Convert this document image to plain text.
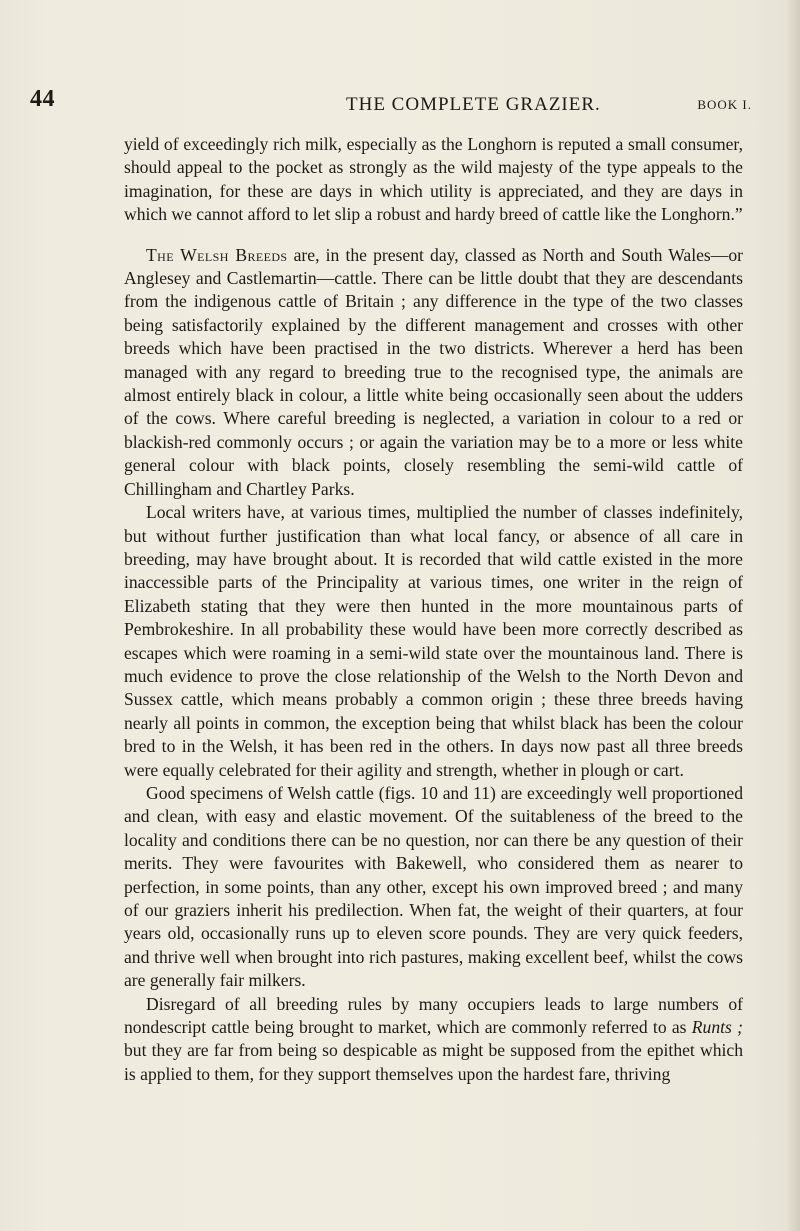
44	THE COMPLETE GRAZIER.	BOOK I.

yield of exceedingly rich milk, especially as the Longhorn is reputed a small consumer, should appeal to the pocket as strongly as the wild majesty of the type appeals to the imagination, for these are days in which utility is appreciated, and they are days in which we cannot afford to let slip a robust and hardy breed of cattle like the Longhorn.”

The Welsh Breeds are, in the present day, classed as North and South Wales—or Anglesey and Castlemartin—cattle. There can be little doubt that they are descendants from the indigenous cattle of Britain ; any difference in the type of the two classes being satisfactorily explained by the different management and crosses with other breeds which have been practised in the two districts. Wherever a herd has been managed with any regard to breeding true to the recognised type, the animals are almost entirely black in colour, a little white being occasionally seen about the udders of the cows. Where careful breeding is neglected, a variation in colour to a red or blackish-red commonly occurs ; or again the variation may be to a more or less white general colour with black points, closely resembling the semi-wild cattle of Chillingham and Chartley Parks.

Local writers have, at various times, multiplied the number of classes indefinitely, but without further justification than what local fancy, or absence of all care in breeding, may have brought about. It is recorded that wild cattle existed in the more inaccessible parts of the Principality at various times, one writer in the reign of Elizabeth stating that they were then hunted in the more mountainous parts of Pembrokeshire. In all probability these would have been more correctly described as escapes which were roaming in a semi-wild state over the mountainous land. There is much evidence to prove the close relationship of the Welsh to the North Devon and Sussex cattle, which means probably a common origin ; these three breeds having nearly all points in common, the exception being that whilst black has been the colour bred to in the Welsh, it has been red in the others. In days now past all three breeds were equally celebrated for their agility and strength, whether in plough or cart.

Good specimens of Welsh cattle (figs. 10 and 11) are exceedingly well proportioned and clean, with easy and elastic movement. Of the suitableness of the breed to the locality and conditions there can be no question, nor can there be any question of their merits. They were favourites with Bakewell, who considered them as nearer to perfection, in some points, than any other, except his own improved breed ; and many of our graziers inherit his predilection. When fat, the weight of their quarters, at four years old, occasionally runs up to eleven score pounds. They are very quick feeders, and thrive well when brought into rich pastures, making excellent beef, whilst the cows are generally fair milkers.

Disregard of all breeding rules by many occupiers leads to large numbers of nondescript cattle being brought to market, which are commonly referred to as Runts ; but they are far from being so despicable as might be supposed from the epithet which is applied to them, for they support themselves upon the hardest fare, thriving
